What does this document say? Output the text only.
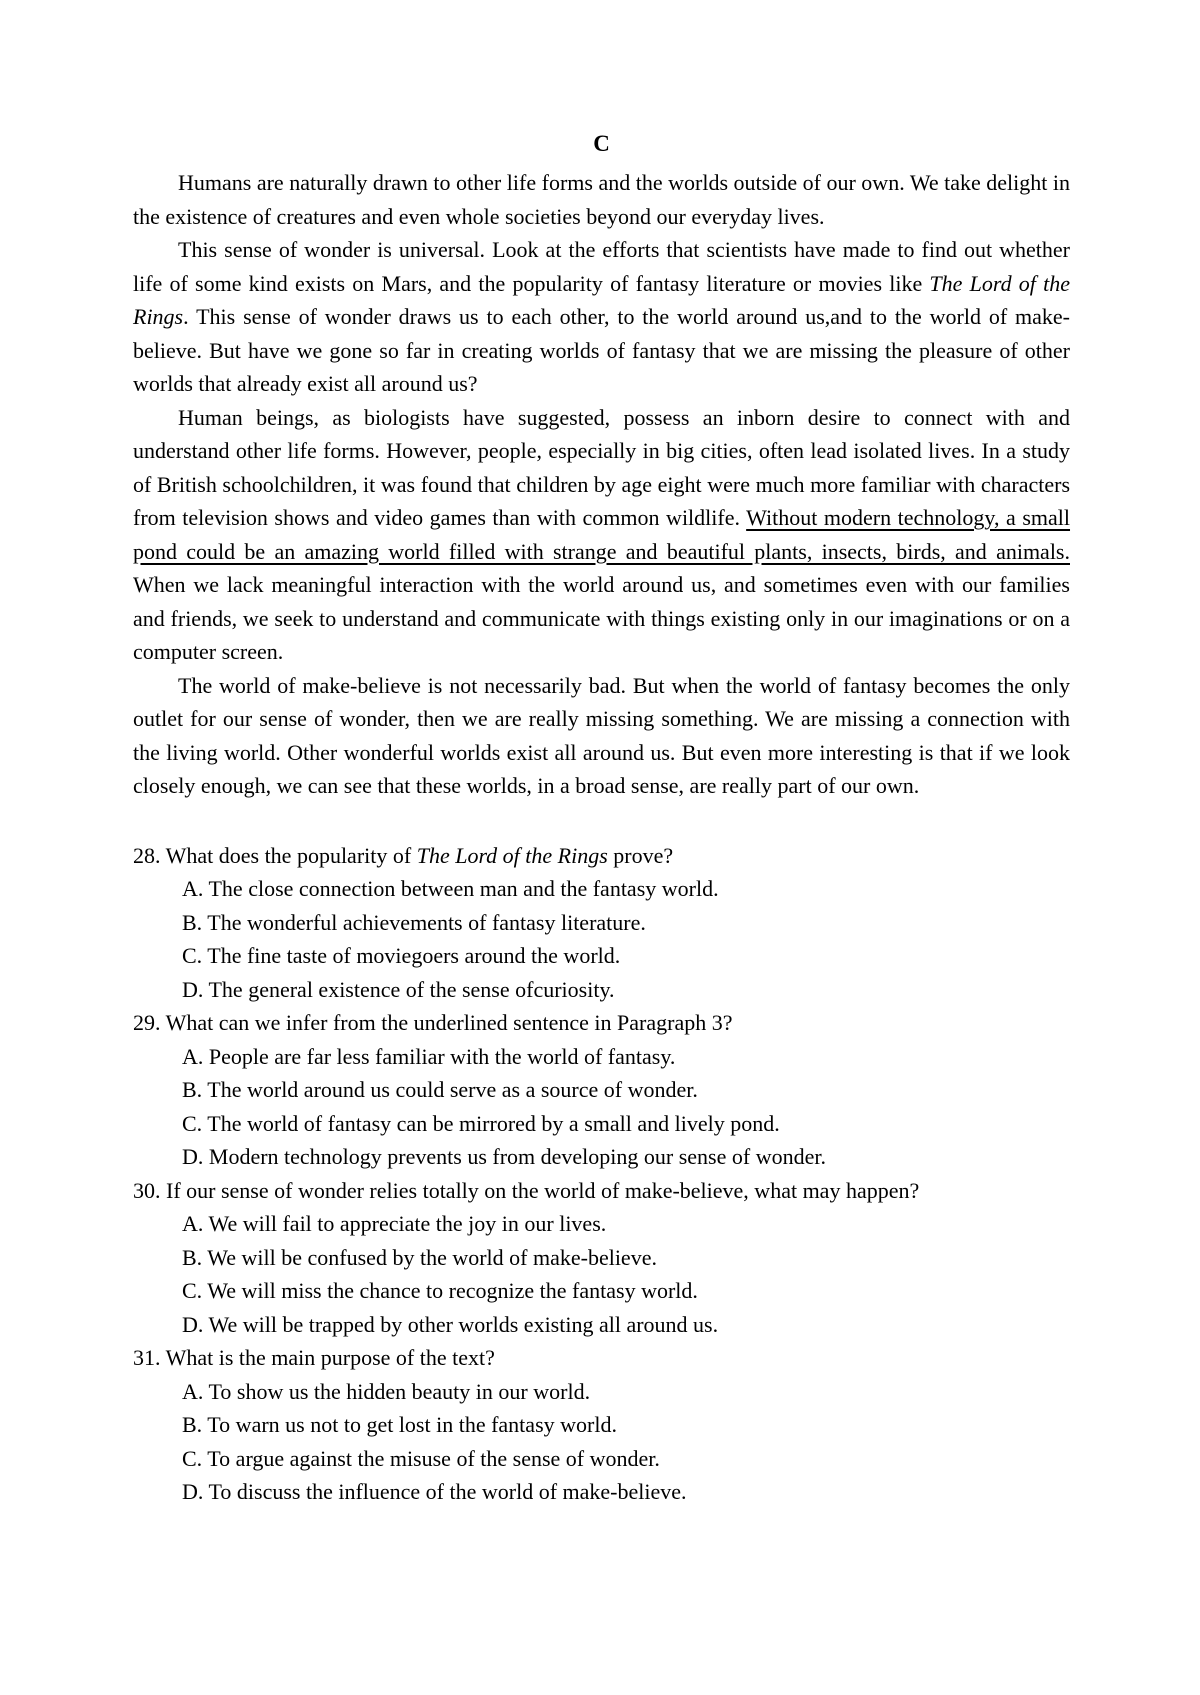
C

Humans are naturally drawn to other life forms and the worlds outside of our own. We take delight in the existence of creatures and even whole societies beyond our everyday lives.

This sense of wonder is universal. Look at the efforts that scientists have made to find out whether life of some kind exists on Mars, and the popularity of fantasy literature or movies like The Lord of the Rings. This sense of wonder draws us to each other, to the world around us,and to the world of make-believe. But have we gone so far in creating worlds of fantasy that we are missing the pleasure of other worlds that already exist all around us?

Human beings, as biologists have suggested, possess an inborn desire to connect with and understand other life forms. However, people, especially in big cities, often lead isolated lives. In a study of British schoolchildren, it was found that children by age eight were much more familiar with characters from television shows and video games than with common wildlife. Without modern technology, a small pond could be an amazing world filled with strange and beautiful plants, insects, birds, and animals. When we lack meaningful interaction with the world around us, and sometimes even with our families and friends, we seek to understand and communicate with things existing only in our imaginations or on a computer screen.

The world of make-believe is not necessarily bad. But when the world of fantasy becomes the only outlet for our sense of wonder, then we are really missing something. We are missing a connection with the living world. Other wonderful worlds exist all around us. But even more interesting is that if we look closely enough, we can see that these worlds, in a broad sense, are really part of our own.

28. What does the popularity of The Lord of the Rings prove?
A. The close connection between man and the fantasy world.
B. The wonderful achievements of fantasy literature.
C. The fine taste of moviegoers around the world.
D. The general existence of the sense ofcuriosity.
29. What can we infer from the underlined sentence in Paragraph 3?
A. People are far less familiar with the world of fantasy.
B. The world around us could serve as a source of wonder.
C. The world of fantasy can be mirrored by a small and lively pond.
D. Modern technology prevents us from developing our sense of wonder.
30. If our sense of wonder relies totally on the world of make-believe, what may happen?
A. We will fail to appreciate the joy in our lives.
B. We will be confused by the world of make-believe.
C. We will miss the chance to recognize the fantasy world.
D. We will be trapped by other worlds existing all around us.
31. What is the main purpose of the text?
A. To show us the hidden beauty in our world.
B. To warn us not to get lost in the fantasy world.
C. To argue against the misuse of the sense of wonder.
D. To discuss the influence of the world of make-believe.
